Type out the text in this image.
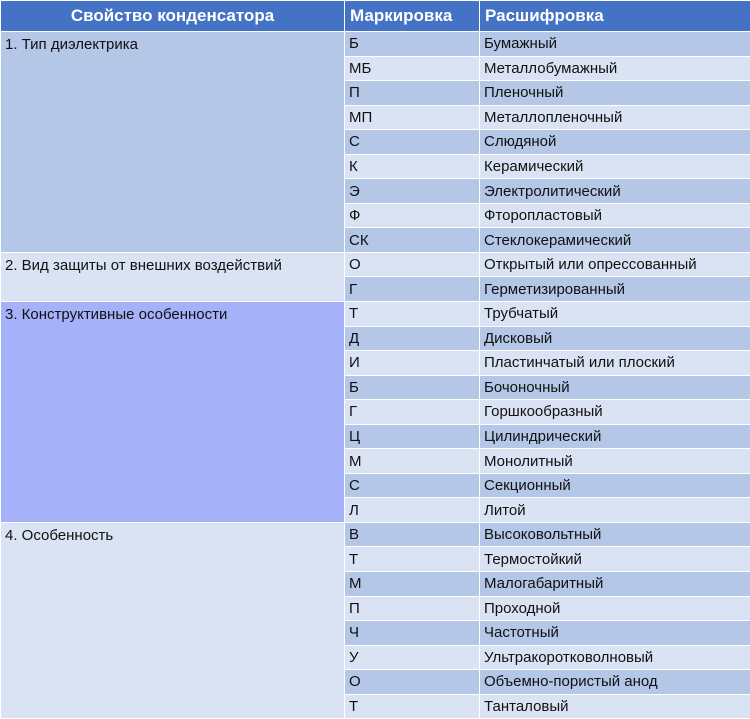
Свойство конденсатора	Маркировка	Расшифровка
1. Тип диэлектрика	Б	Бумажный
	МБ	Металлобумажный
	П	Пленочный
	МП	Металлопленочный
	С	Слюдяной
	К	Керамический
	Э	Электролитический
	Ф	Фторопластовый
	СК	Стеклокерамический
2. Вид защиты от внешних воздействий	О	Открытый или опрессованный
	Г	Герметизированный
3. Конструктивные особенности	Т	Трубчатый
	Д	Дисковый
	И	Пластинчатый или плоский
	Б	Бочоночный
	Г	Горшкообразный
	Ц	Цилиндрический
	М	Монолитный
	С	Секционный
	Л	Литой
4. Особенность	В	Высоковольтный
	Т	Термостойкий
	М	Малогабаритный
	П	Проходной
	Ч	Частотный
	У	Ультракоротковолновый
	О	Объемно-пористый анод
	Т	Танталовый
